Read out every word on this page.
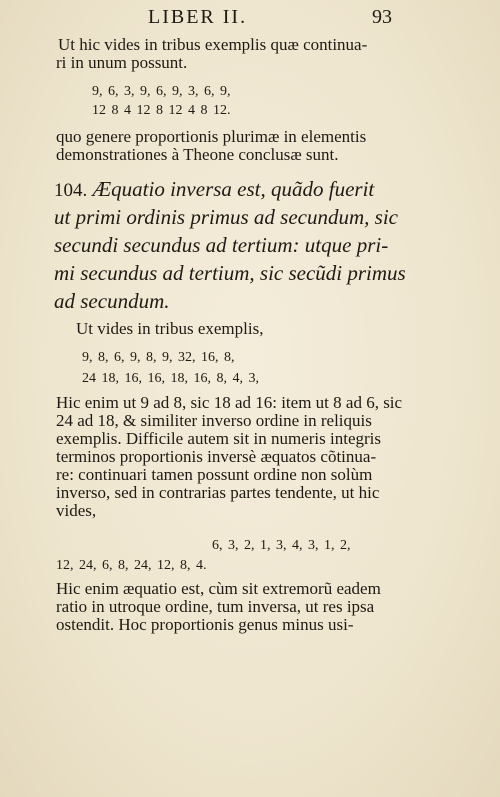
LIBER II.	93
Ut hic vides in tribus exemplis quæ continua-
ri in unum possunt.
9, 6, 3, 9, 6, 9, 3, 6, 9,
12 8 4 12 8 12 4 8 12.
quo genere proportionis plurimæ in elementis
demonstrationes à Theone conclusæ sunt.
104. Æquatio inversa est, quãdo fuerit
ut primi ordinis primus ad secundum, sic
secundi secundus ad tertium: utque pri-
mi secundus ad tertium, sic secũdi primus
ad secundum.
Ut vides in tribus exemplis,
9, 8, 6, 9, 8, 9, 32, 16, 8,
24 18, 16, 16, 18, 16, 8, 4, 3,
Hic enim ut 9 ad 8, sic 18 ad 16: item ut 8 ad 6, sic
24 ad 18, & similiter inverso ordine in reliquis
exemplis. Difficile autem sit in numeris integris
terminos proportionis inversè æquatos cõtinua-
re: continuari tamen possunt ordine non solùm
inverso, sed in contrarias partes tendente, ut hic
vides,
6, 3, 2, 1, 3, 4, 3, 1, 2,
12, 24, 6, 8, 24, 12, 8, 4.
Hic enim æquatio est, cùm sit extremorũ eadem
ratio in utroque ordine, tum inversa, ut res ipsa
ostendit. Hoc proportionis genus minus usi-
